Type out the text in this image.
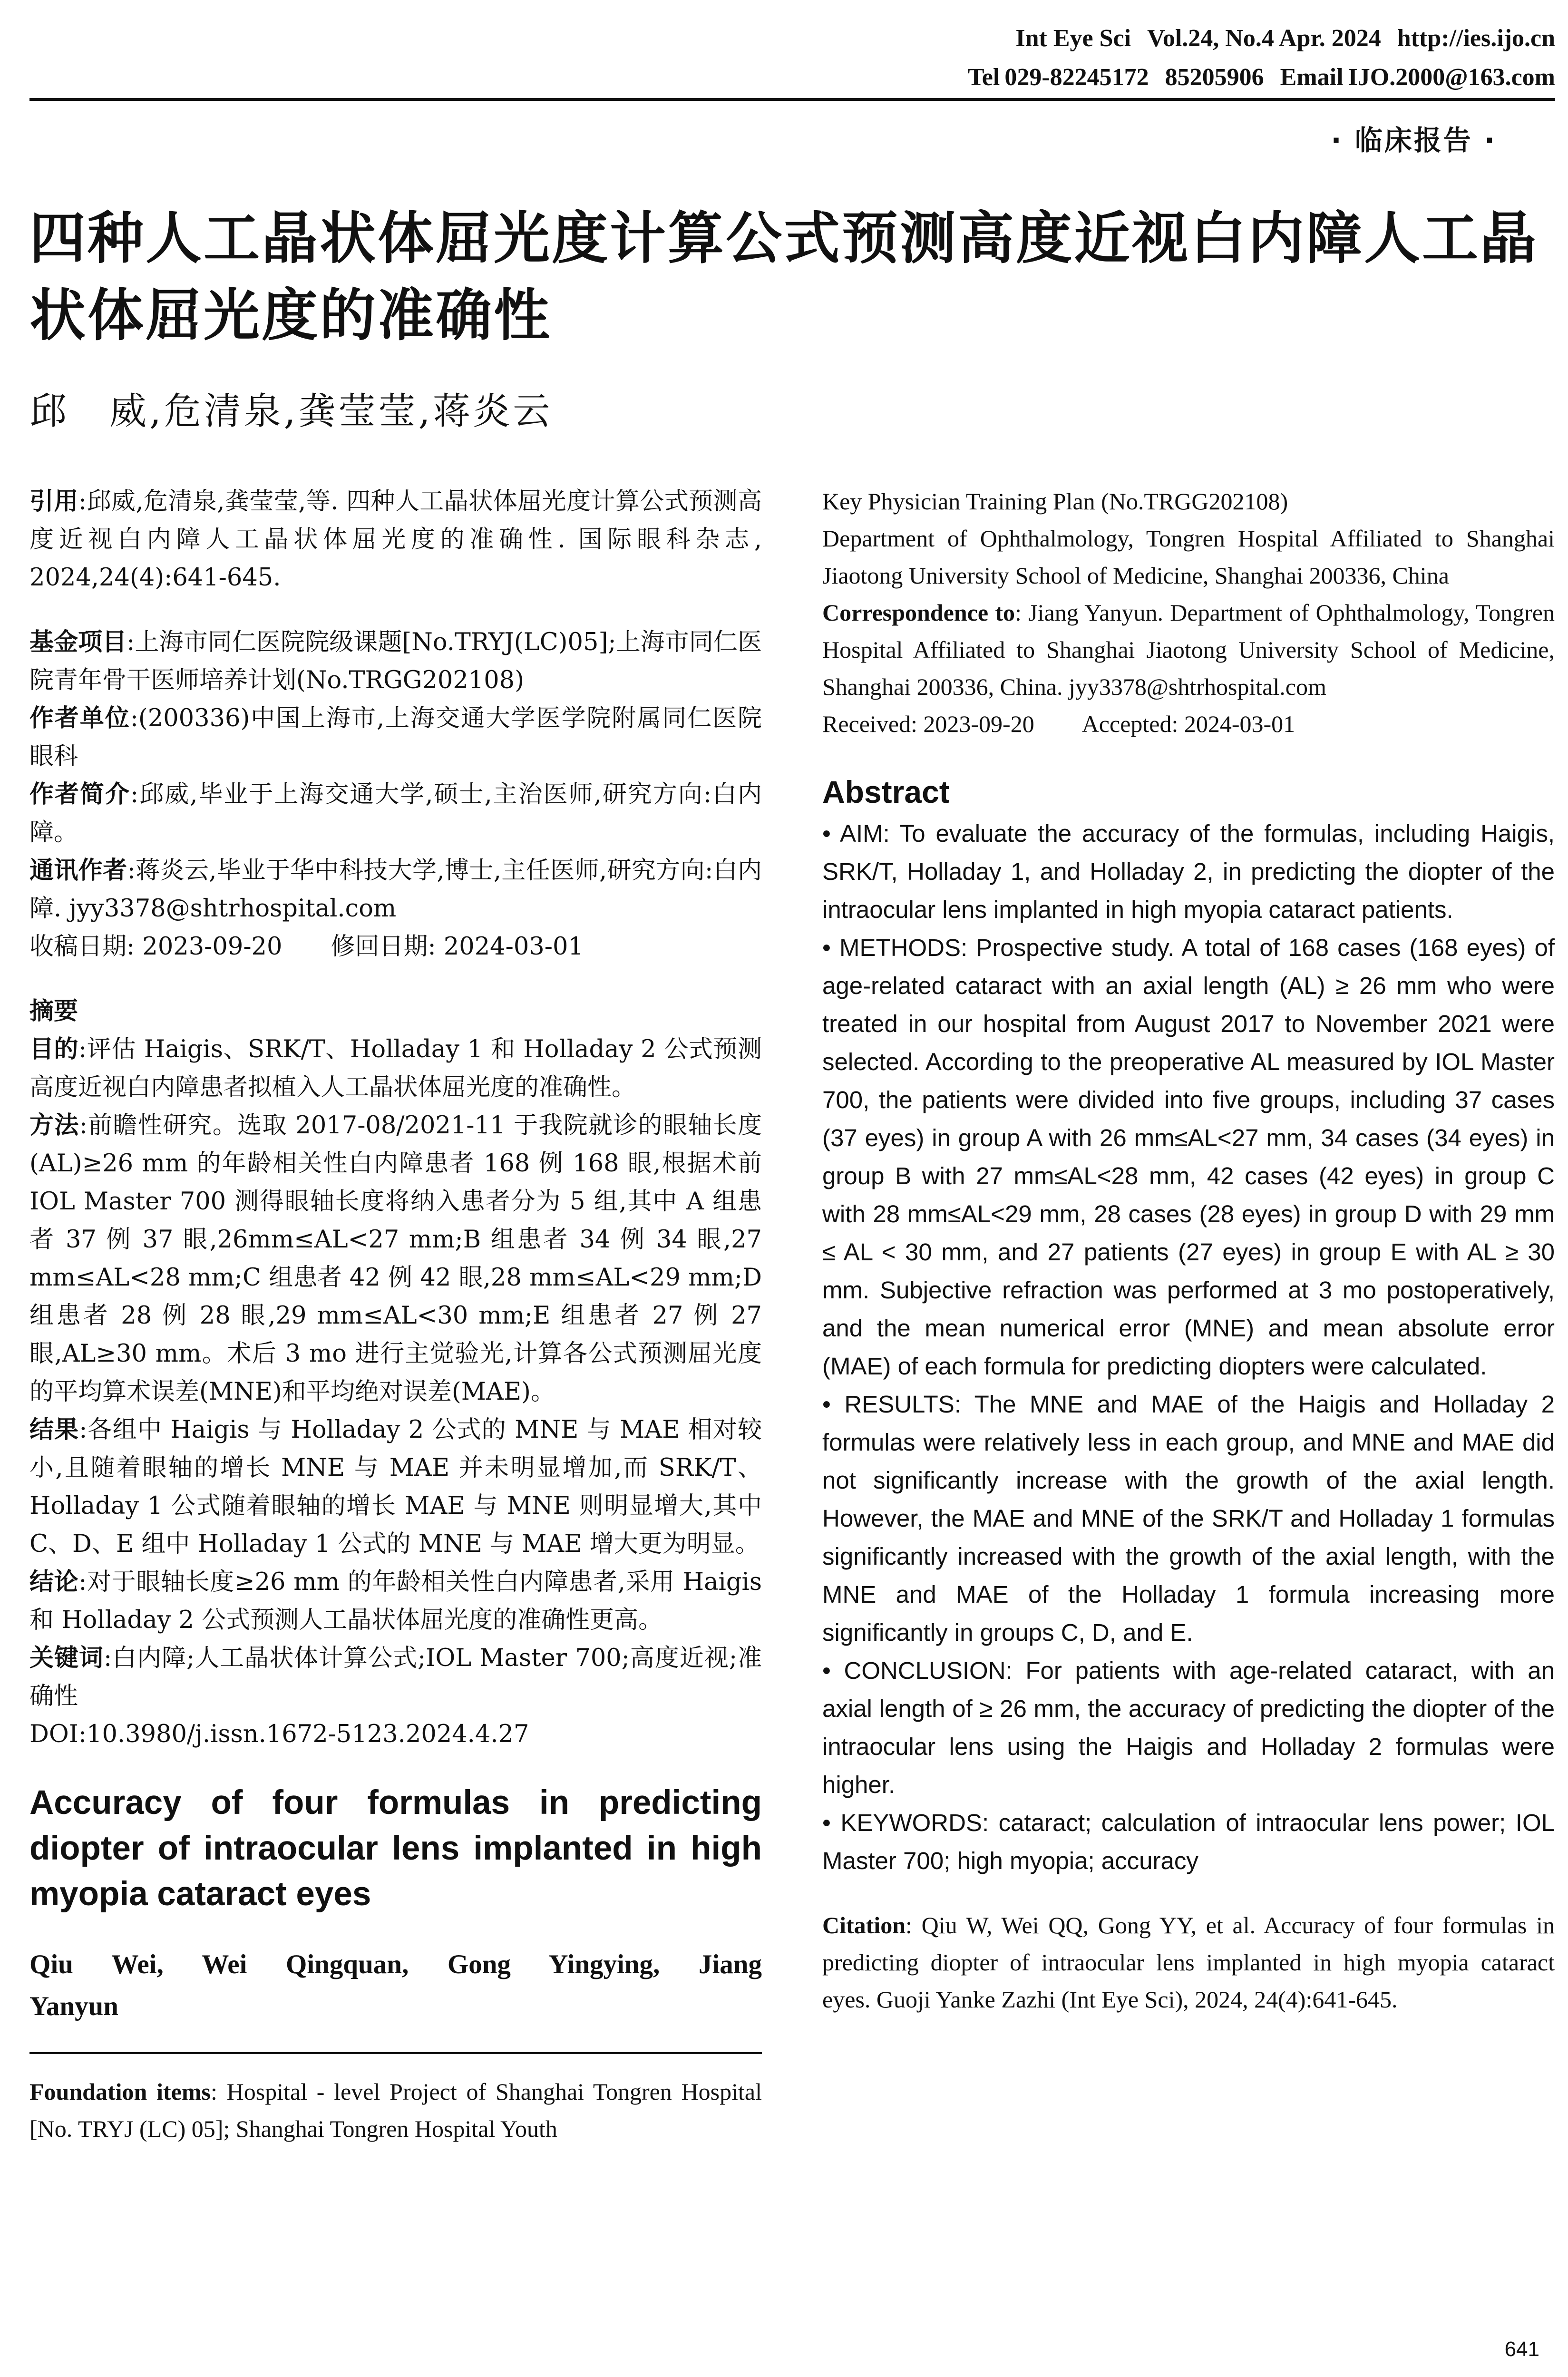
Int Eye Sci Vol.24, No.4 Apr. 2024 http://ies.ijo.cn
Tel 029-82245172 85205906 Email IJO.2000@163.com
· 临床报告 ·
四种人工晶状体屈光度计算公式预测高度近视白内障人工晶状体屈光度的准确性
邱　威,危清泉,龚莹莹,蒋炎云

引用:邱威,危清泉,龚莹莹,等. 四种人工晶状体屈光度计算公式预测高度近视白内障人工晶状体屈光度的准确性. 国际眼科杂志, 2024,24(4):641-645.

基金项目:上海市同仁医院院级课题[No.TRYJ(LC)05];上海市同仁医院青年骨干医师培养计划(No.TRGG202108)

作者单位:(200336)中国上海市,上海交通大学医学院附属同仁医院眼科

作者简介:邱威,毕业于上海交通大学,硕士,主治医师,研究方向:白内障。

通讯作者:蒋炎云,毕业于华中科技大学,博士,主任医师,研究方向:白内障. jyy3378@shtrhospital.com

收稿日期: 2023-09-20　　修回日期: 2024-03-01

摘要

目的:评估 Haigis、SRK/T、Holladay 1 和 Holladay 2 公式预测高度近视白内障患者拟植入人工晶状体屈光度的准确性。

方法:前瞻性研究。选取 2017-08/2021-11 于我院就诊的眼轴长度(AL)≥26 mm 的年龄相关性白内障患者 168 例 168 眼,根据术前 IOL Master 700 测得眼轴长度将纳入患者分为 5 组,其中 A 组患者 37 例 37 眼,26mm≤AL<27 mm;B 组患者 34 例 34 眼,27 mm≤AL<28 mm;C 组患者 42 例 42 眼,28 mm≤AL<29 mm;D 组患者 28 例 28 眼,29 mm≤AL<30 mm;E 组患者 27 例 27 眼,AL≥30 mm。术后 3 mo 进行主觉验光,计算各公式预测屈光度的平均算术误差(MNE)和平均绝对误差(MAE)。

结果:各组中 Haigis 与 Holladay 2 公式的 MNE 与 MAE 相对较小,且随着眼轴的增长 MNE 与 MAE 并未明显增加,而 SRK/T、Holladay 1 公式随着眼轴的增长 MAE 与 MNE 则明显增大,其中 C、D、E 组中 Holladay 1 公式的 MNE 与 MAE 增大更为明显。

结论:对于眼轴长度≥26 mm 的年龄相关性白内障患者,采用 Haigis 和 Holladay 2 公式预测人工晶状体屈光度的准确性更高。

关键词:白内障;人工晶状体计算公式;IOL Master 700;高度近视;准确性

DOI:10.3980/j.issn.1672-5123.2024.4.27

Accuracy of four formulas in predicting diopter of intraocular lens implanted in high myopia cataract eyes

Qiu Wei, Wei Qingquan, Gong Yingying, Jiang Yanyun

Foundation items: Hospital - level Project of Shanghai Tongren Hospital [No. TRYJ (LC) 05]; Shanghai Tongren Hospital Youth

Key Physician Training Plan (No.TRGG202108)

Department of Ophthalmology, Tongren Hospital Affiliated to Shanghai Jiaotong University School of Medicine, Shanghai 200336, China

Correspondence to: Jiang Yanyun. Department of Ophthalmology, Tongren Hospital Affiliated to Shanghai Jiaotong University School of Medicine, Shanghai 200336, China. jyy3378@shtrhospital.com

Received: 2023-09-20　　Accepted: 2024-03-01

Abstract

• AIM: To evaluate the accuracy of the formulas, including Haigis, SRK/T, Holladay 1, and Holladay 2, in predicting the diopter of the intraocular lens implanted in high myopia cataract patients.

• METHODS: Prospective study. A total of 168 cases (168 eyes) of age-related cataract with an axial length (AL) ≥ 26 mm who were treated in our hospital from August 2017 to November 2021 were selected. According to the preoperative AL measured by IOL Master 700, the patients were divided into five groups, including 37 cases (37 eyes) in group A with 26 mm≤AL<27 mm, 34 cases (34 eyes) in group B with 27 mm≤AL<28 mm, 42 cases (42 eyes) in group C with 28 mm≤AL<29 mm, 28 cases (28 eyes) in group D with 29 mm ≤ AL < 30 mm, and 27 patients (27 eyes) in group E with AL ≥ 30 mm. Subjective refraction was performed at 3 mo postoperatively, and the mean numerical error (MNE) and mean absolute error (MAE) of each formula for predicting diopters were calculated.

• RESULTS: The MNE and MAE of the Haigis and Holladay 2 formulas were relatively less in each group, and MNE and MAE did not significantly increase with the growth of the axial length. However, the MAE and MNE of the SRK/T and Holladay 1 formulas significantly increased with the growth of the axial length, with the MNE and MAE of the Holladay 1 formula increasing more significantly in groups C, D, and E.

• CONCLUSION: For patients with age-related cataract, with an axial length of ≥ 26 mm, the accuracy of predicting the diopter of the intraocular lens using the Haigis and Holladay 2 formulas were higher.

• KEYWORDS: cataract; calculation of intraocular lens power; IOL Master 700; high myopia; accuracy

Citation: Qiu W, Wei QQ, Gong YY, et al. Accuracy of four formulas in predicting diopter of intraocular lens implanted in high myopia cataract eyes. Guoji Yanke Zazhi (Int Eye Sci), 2024, 24(4):641-645.

641
